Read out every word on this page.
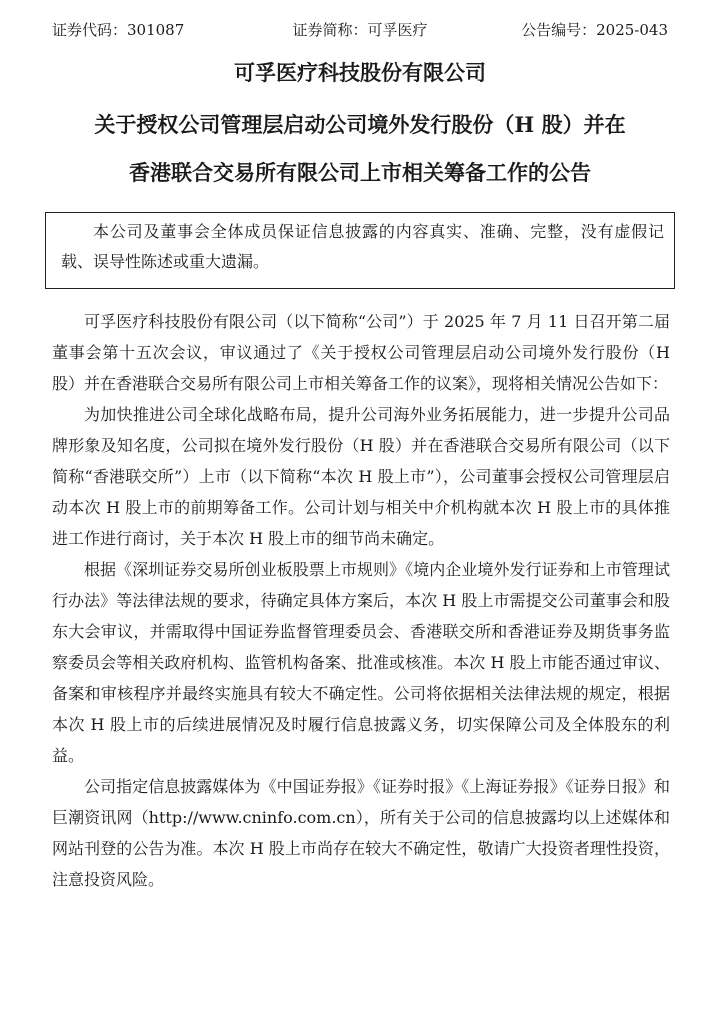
证券代码：301087	证券简称：可孚医疗	公告编号：2025-043
可孚医疗科技股份有限公司
关于授权公司管理层启动公司境外发行股份（H 股）并在
香港联合交易所有限公司上市相关筹备工作的公告
本公司及董事会全体成员保证信息披露的内容真实、准确、完整，没有虚假记载、误导性陈述或重大遗漏。

可孚医疗科技股份有限公司（以下简称“公司”）于 2025 年 7 月 11 日召开第二届董事会第十五次会议，审议通过了《关于授权公司管理层启动公司境外发行股份（H 股）并在香港联合交易所有限公司上市相关筹备工作的议案》，现将相关情况公告如下：

为加快推进公司全球化战略布局，提升公司海外业务拓展能力，进一步提升公司品牌形象及知名度，公司拟在境外发行股份（H 股）并在香港联合交易所有限公司（以下简称“香港联交所”）上市（以下简称“本次 H 股上市”），公司董事会授权公司管理层启动本次 H 股上市的前期筹备工作。公司计划与相关中介机构就本次 H 股上市的具体推进工作进行商讨，关于本次 H 股上市的细节尚未确定。

根据《深圳证券交易所创业板股票上市规则》《境内企业境外发行证券和上市管理试行办法》等法律法规的要求，待确定具体方案后，本次 H 股上市需提交公司董事会和股东大会审议，并需取得中国证券监督管理委员会、香港联交所和香港证券及期货事务监察委员会等相关政府机构、监管机构备案、批准或核准。本次 H 股上市能否通过审议、备案和审核程序并最终实施具有较大不确定性。公司将依据相关法律法规的规定，根据本次 H 股上市的后续进展情况及时履行信息披露义务，切实保障公司及全体股东的利益。

公司指定信息披露媒体为《中国证券报》《证券时报》《上海证券报》《证券日报》和巨潮资讯网（http://www.cninfo.com.cn），所有关于公司的信息披露均以上述媒体和网站刊登的公告为准。本次 H 股上市尚存在较大不确定性，敬请广大投资者理性投资，注意投资风险。
